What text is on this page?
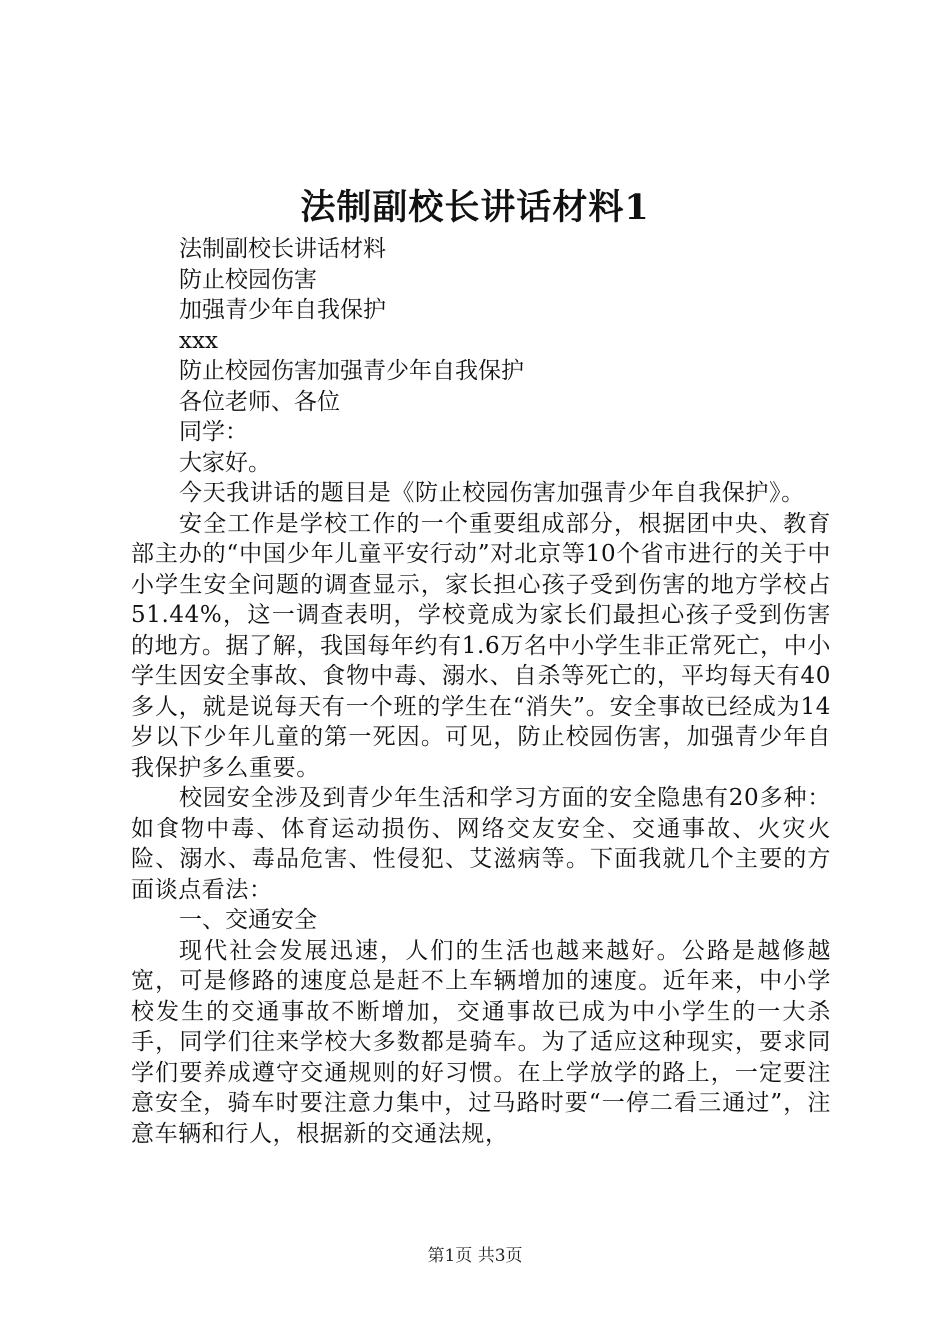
法制副校长讲话材料1

法制副校长讲话材料

防止校园伤害

加强青少年自我保护

xxx

防止校园伤害加强青少年自我保护

各位老师、各位

同学：

大家好。

今天我讲话的题目是《防止校园伤害加强青少年自我保护》。

安全工作是学校工作的一个重要组成部分，根据团中央、教育部主办的“中国少年儿童平安行动”对北京等10个省市进行的关于中小学生安全问题的调查显示，家长担心孩子受到伤害的地方学校占51.44%，这一调查表明，学校竟成为家长们最担心孩子受到伤害的地方。据了解，我国每年约有1.6万名中小学生非正常死亡，中小学生因安全事故、食物中毒、溺水、自杀等死亡的，平均每天有40多人，就是说每天有一个班的学生在“消失”。安全事故已经成为14岁以下少年儿童的第一死因。可见，防止校园伤害，加强青少年自我保护多么重要。

校园安全涉及到青少年生活和学习方面的安全隐患有20多种：如食物中毒、体育运动损伤、网络交友安全、交通事故、火灾火险、溺水、毒品危害、性侵犯、艾滋病等。下面我就几个主要的方面谈点看法：

一、交通安全

现代社会发展迅速，人们的生活也越来越好。公路是越修越宽，可是修路的速度总是赶不上车辆增加的速度。近年来，中小学校发生的交通事故不断增加，交通事故已成为中小学生的一大杀手，同学们往来学校大多数都是骑车。为了适应这种现实，要求同学们要养成遵守交通规则的好习惯。在上学放学的路上，一定要注意安全，骑车时要注意力集中，过马路时要“一停二看三通过”，注意车辆和行人，根据新的交通法规，

第1页 共3页
